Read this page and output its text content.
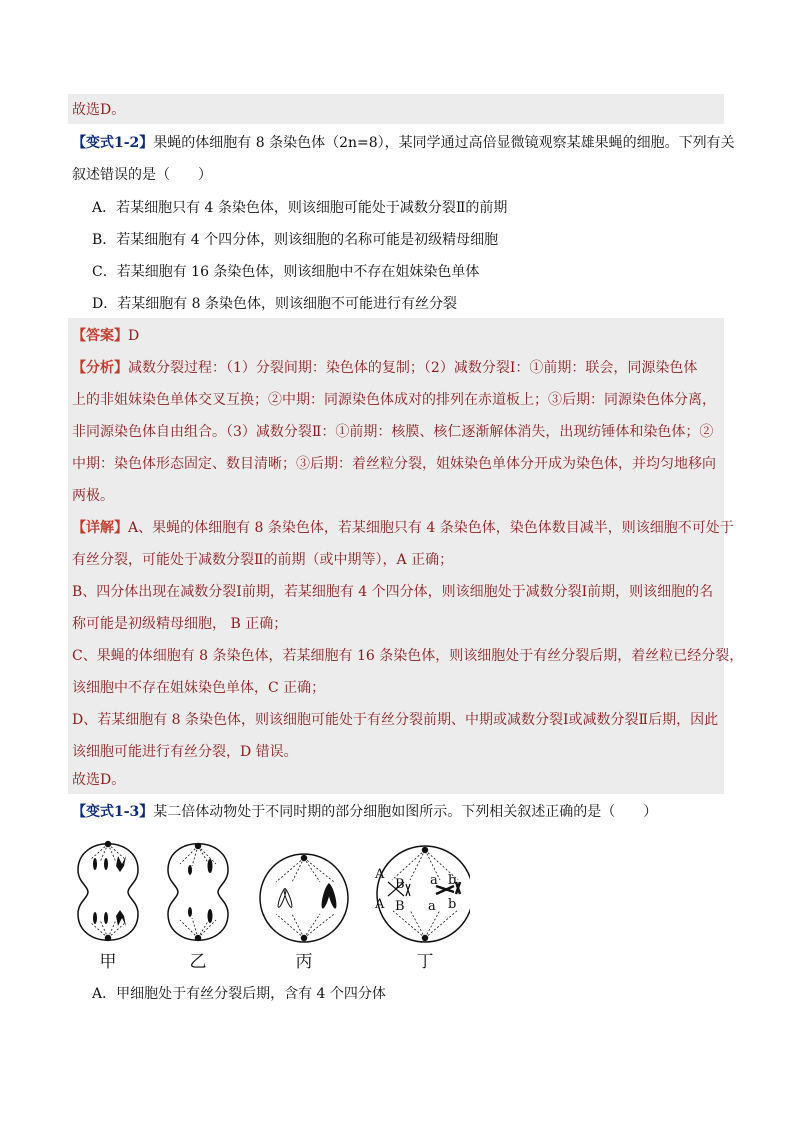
故选D。
【变式1-2】果蝇的体细胞有 8 条染色体（2n=8），某同学通过高倍显微镜观察某雄果蝇的细胞。下列有关
叙述错误的是（　　）
A．若某细胞只有 4 条染色体，则该细胞可能处于减数分裂Ⅱ的前期
B．若某细胞有 4 个四分体，则该细胞的名称可能是初级精母细胞
C．若某细胞有 16 条染色体，则该细胞中不存在姐妹染色单体
D．若某细胞有 8 条染色体，则该细胞不可能进行有丝分裂
【答案】D
【分析】减数分裂过程：（1）分裂间期：染色体的复制；（2）减数分裂Ⅰ：①前期：联会，同源染色体
上的非姐妹染色单体交叉互换；②中期：同源染色体成对的排列在赤道板上；③后期：同源染色体分离，
非同源染色体自由组合。（3）减数分裂Ⅱ：①前期：核膜、核仁逐渐解体消失，出现纺锤体和染色体；②
中期：染色体形态固定、数目清晰；③后期：着丝粒分裂，姐妹染色单体分开成为染色体，并均匀地移向
两极。
【详解】A、果蝇的体细胞有 8 条染色体，若某细胞只有 4 条染色体，染色体数目减半，则该细胞不可处于
有丝分裂，可能处于减数分裂Ⅱ的前期（或中期等），A 正确；
B、四分体出现在减数分裂Ⅰ前期，若某细胞有 4 个四分体，则该细胞处于减数分裂Ⅰ前期，则该细胞的名
称可能是初级精母细胞， B 正确；
C、果蝇的体细胞有 8 条染色体，若某细胞有 16 条染色体，则该细胞处于有丝分裂后期，着丝粒已经分裂，
该细胞中不存在姐妹染色单体，C 正确；
D、若某细胞有 8 条染色体，则该细胞可能处于有丝分裂前期、中期或减数分裂Ⅰ或减数分裂Ⅱ后期，因此
该细胞可能进行有丝分裂，D 错误。
故选D。
【变式1-3】某二倍体动物处于不同时期的部分细胞如图所示。下列相关叙述正确的是（　　）
A
B
A B
a b
a b
甲	乙	丙	丁
A．甲细胞处于有丝分裂后期，含有 4 个四分体
